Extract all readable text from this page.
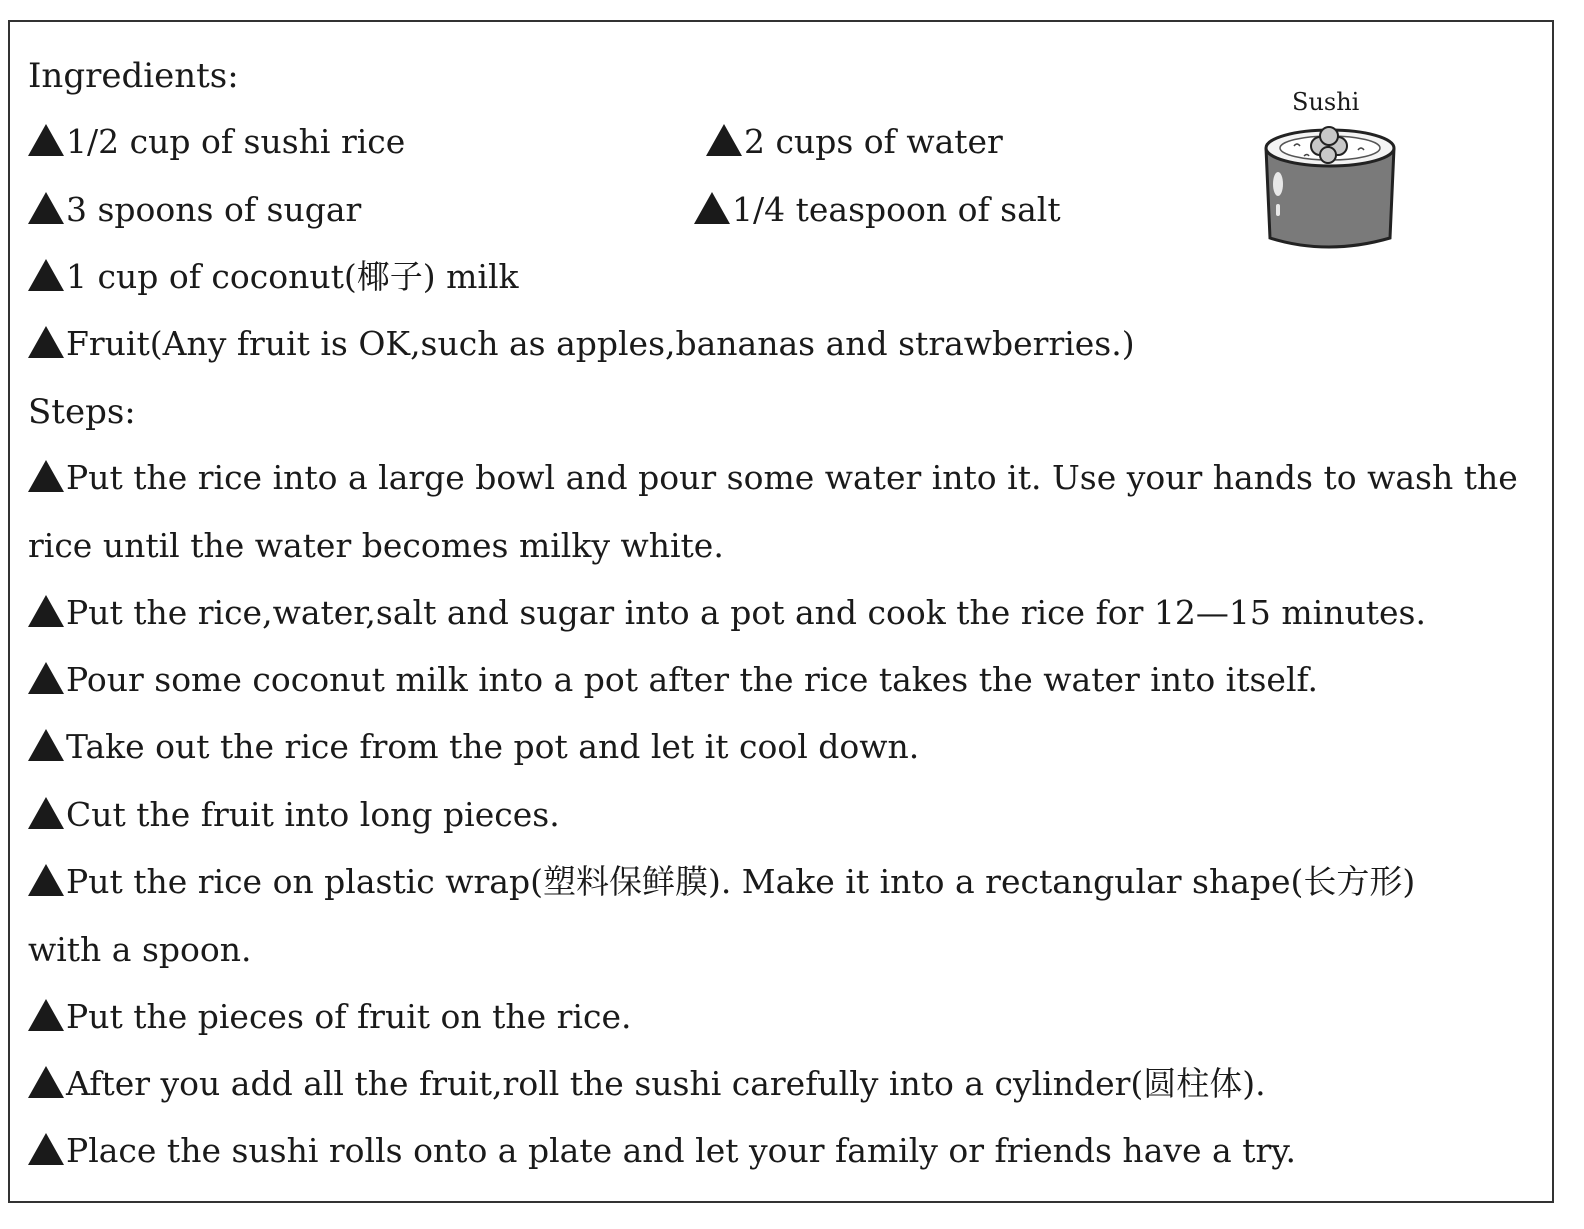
Ingredients:
1/2 cup of sushi rice	2 cups of water
3 spoons of sugar	1/4 teaspoon of salt
1 cup of coconut(椰子) milk
Fruit(Any fruit is OK,such as apples,bananas and strawberries.)
Sushi
Steps:
Put the rice into a large bowl and pour some water into it. Use your hands to wash the
rice until the water becomes milky white.
Put the rice,water,salt and sugar into a pot and cook the rice for 12—15 minutes.
Pour some coconut milk into a pot after the rice takes the water into itself.
Take out the rice from the pot and let it cool down.
Cut the fruit into long pieces.
Put the rice on plastic wrap(塑料保鲜膜). Make it into a rectangular shape(长方形)
with a spoon.
Put the pieces of fruit on the rice.
After you add all the fruit,roll the sushi carefully into a cylinder(圆柱体).
Place the sushi rolls onto a plate and let your family or friends have a try.
